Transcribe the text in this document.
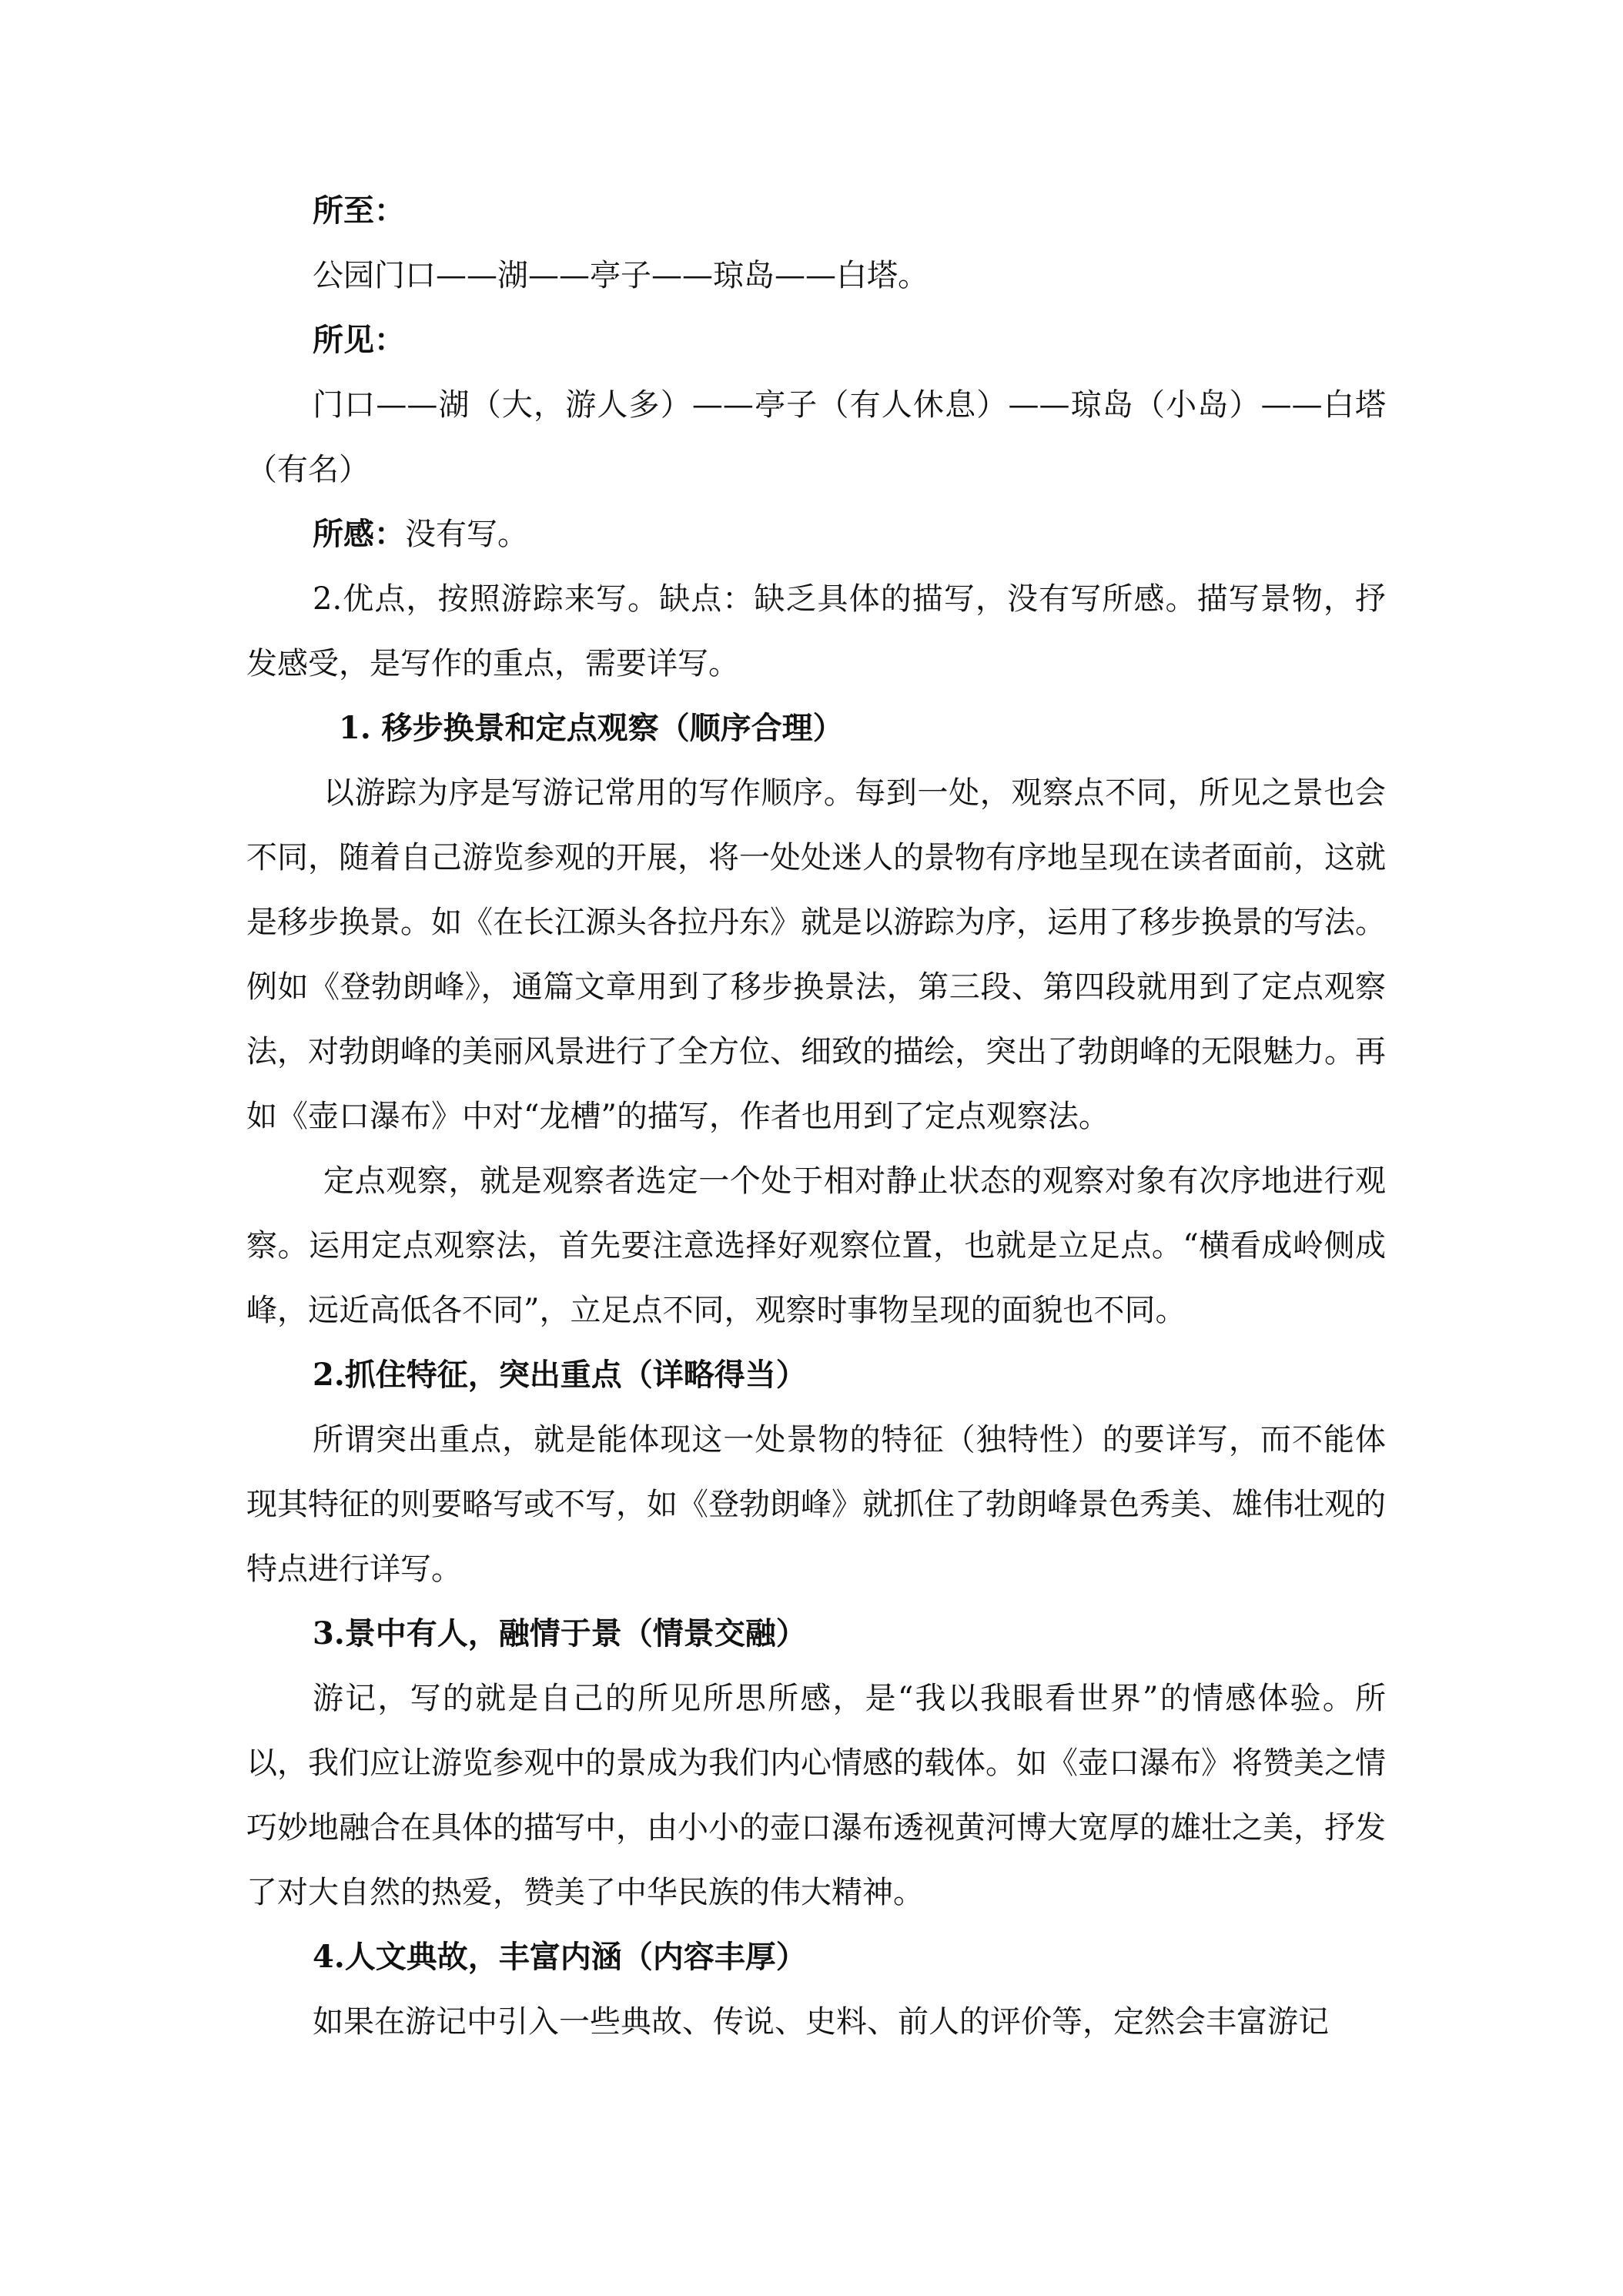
所至：

公园门口——湖——亭子——琼岛——白塔。

所见：

门口——湖（大，游人多）——亭子（有人休息）——琼岛（小岛）——白塔（有名）

所感：没有写。

2.优点，按照游踪来写。缺点：缺乏具体的描写，没有写所感。描写景物，抒发感受，是写作的重点，需要详写。

1. 移步换景和定点观察（顺序合理）

以游踪为序是写游记常用的写作顺序。每到一处，观察点不同，所见之景也会不同，随着自己游览参观的开展，将一处处迷人的景物有序地呈现在读者面前，这就是移步换景。如《在长江源头各拉丹东》就是以游踪为序，运用了移步换景的写法。例如《登勃朗峰》，通篇文章用到了移步换景法，第三段、第四段就用到了定点观察法，对勃朗峰的美丽风景进行了全方位、细致的描绘，突出了勃朗峰的无限魅力。再如《壶口瀑布》中对“龙槽”的描写，作者也用到了定点观察法。

定点观察，就是观察者选定一个处于相对静止状态的观察对象有次序地进行观察。运用定点观察法，首先要注意选择好观察位置，也就是立足点。“横看成岭侧成峰，远近高低各不同”，立足点不同，观察时事物呈现的面貌也不同。

2.抓住特征，突出重点（详略得当）

所谓突出重点，就是能体现这一处景物的特征（独特性）的要详写，而不能体现其特征的则要略写或不写，如《登勃朗峰》就抓住了勃朗峰景色秀美、雄伟壮观的特点进行详写。

3.景中有人，融情于景（情景交融）

游记，写的就是自己的所见所思所感，是“我以我眼看世界”的情感体验。所以，我们应让游览参观中的景成为我们内心情感的载体。如《壶口瀑布》将赞美之情巧妙地融合在具体的描写中，由小小的壶口瀑布透视黄河博大宽厚的雄壮之美，抒发了对大自然的热爱，赞美了中华民族的伟大精神。

4.人文典故，丰富内涵（内容丰厚）

如果在游记中引入一些典故、传说、史料、前人的评价等，定然会丰富游记
